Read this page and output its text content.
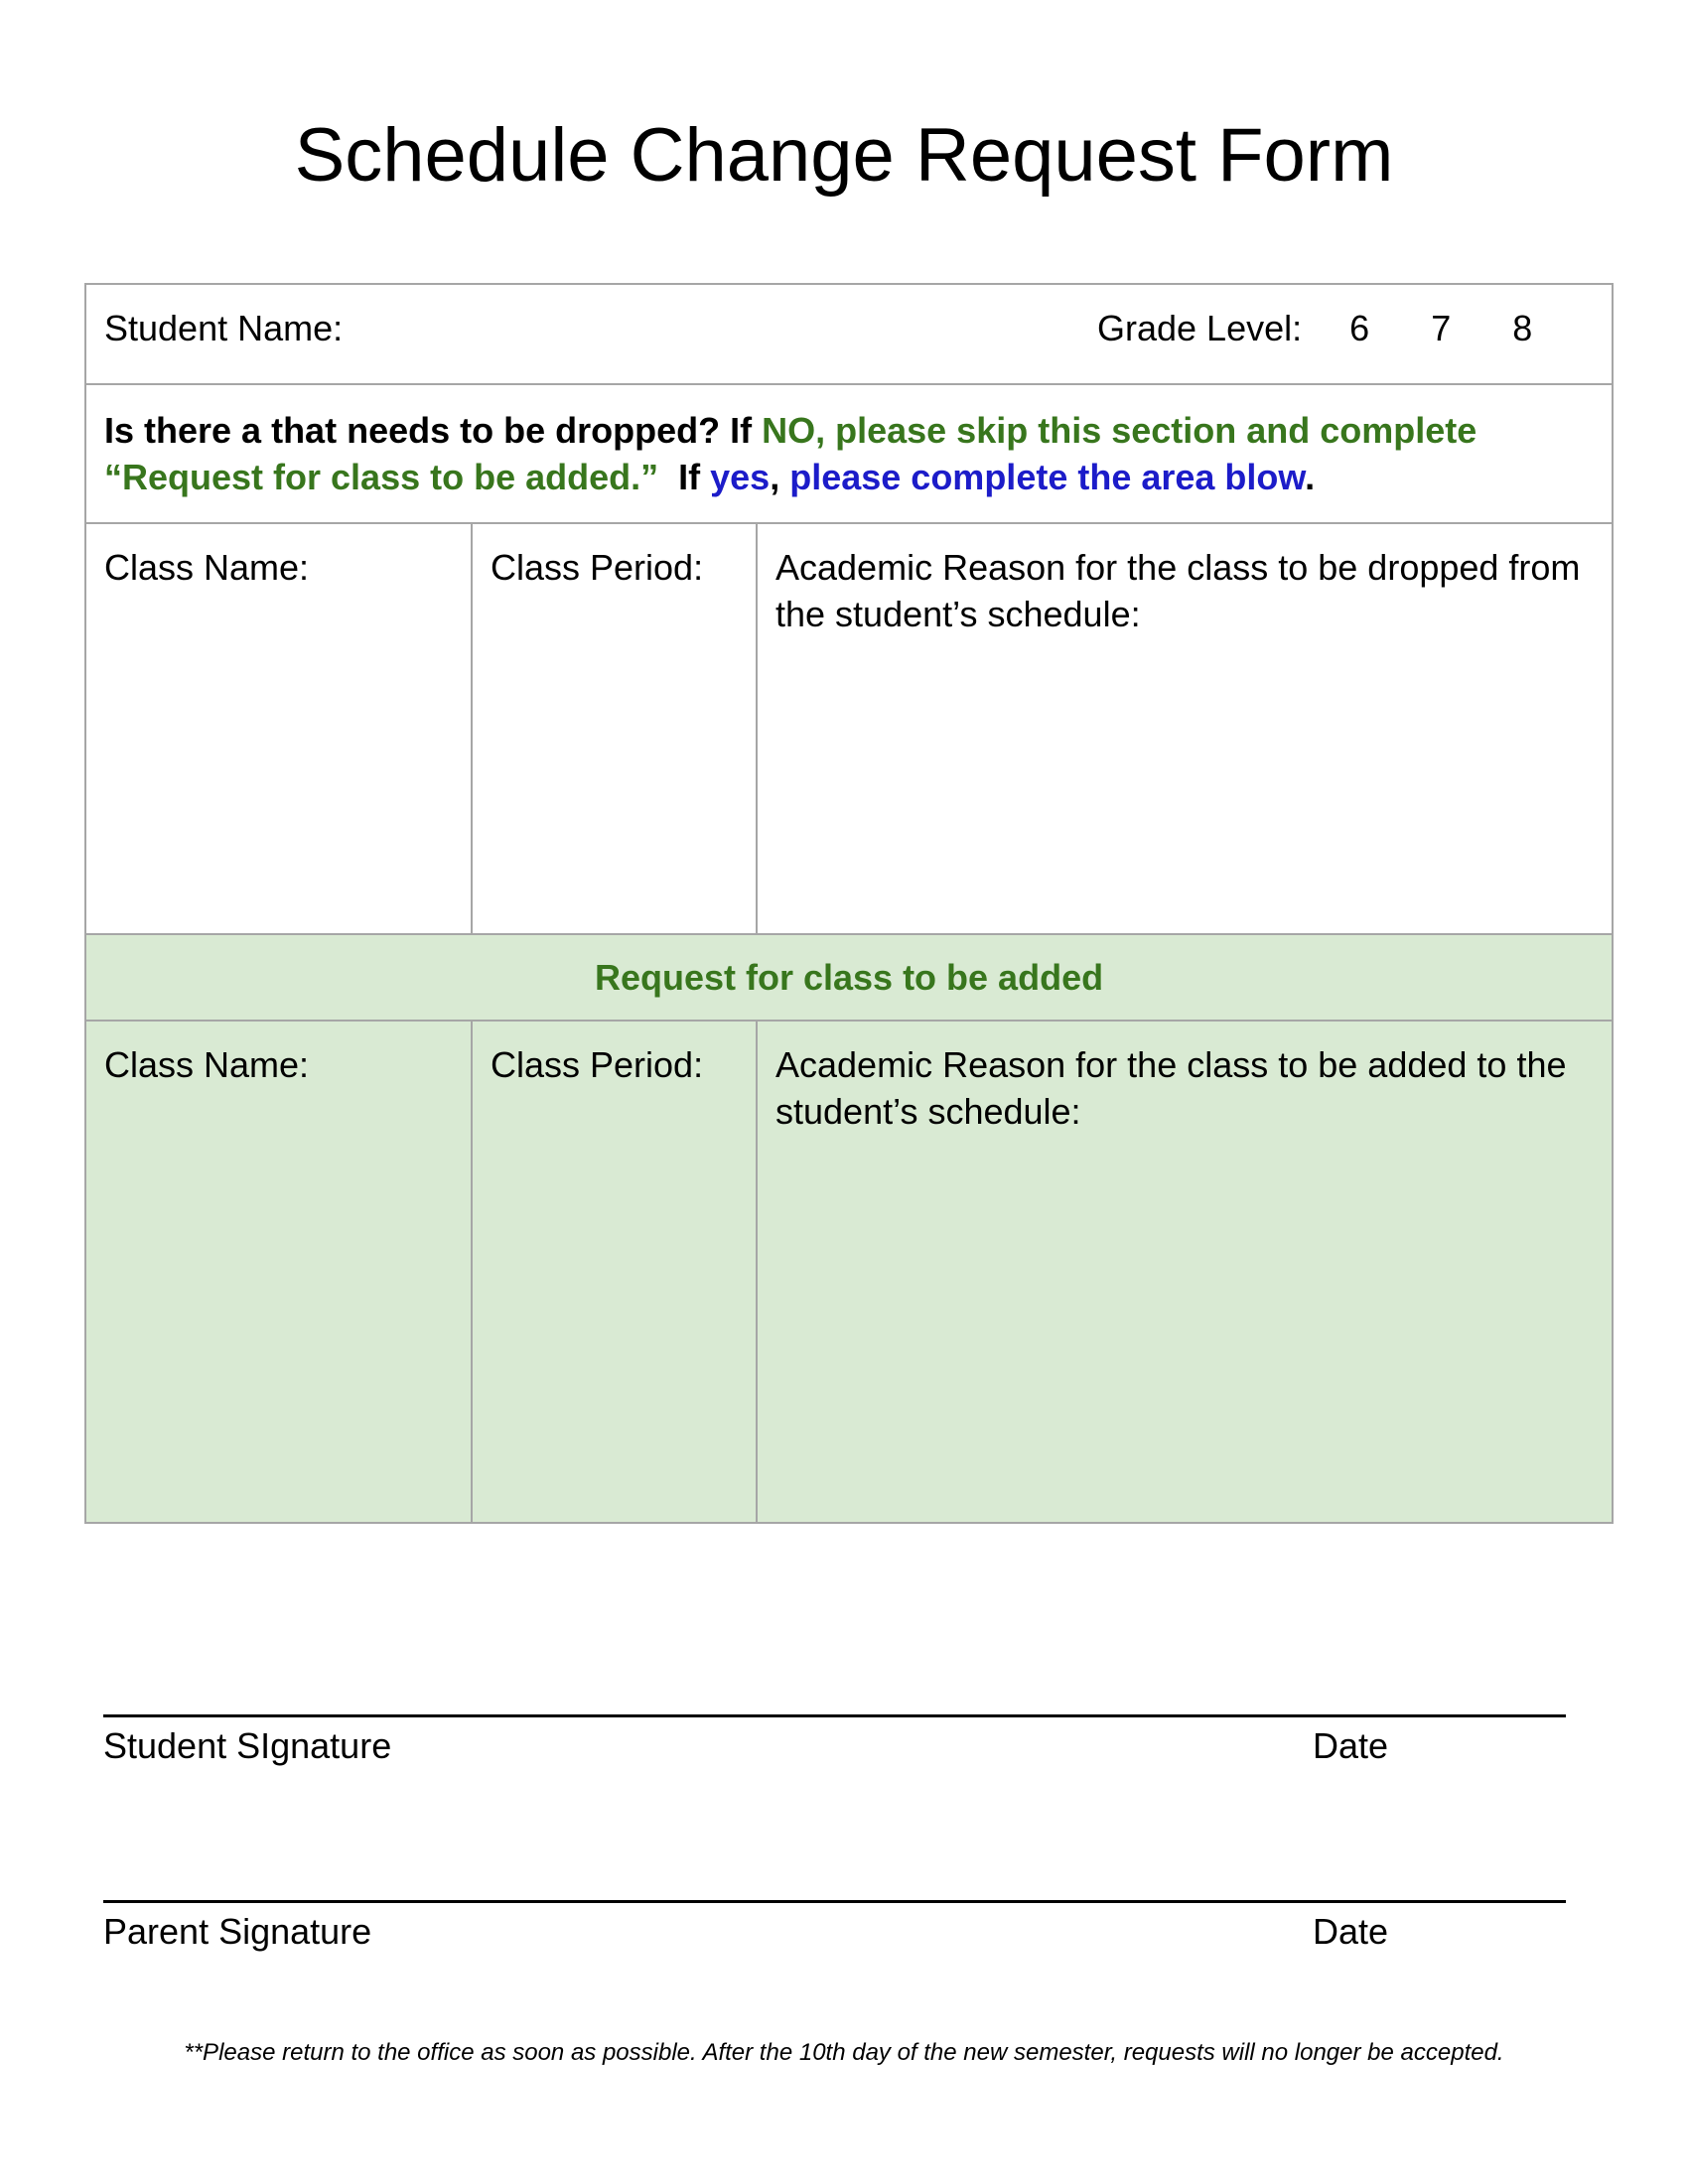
Schedule Change Request Form
Student Name: Grade Level: 6 7 8		

Is there a that needs to be dropped? If NO, please skip this section and complete “Request for class to be added.”  If yes, please complete the area blow.		
Class Name:	Class Period:	Academic Reason for the class to be dropped from the student’s schedule:
Request for class to be added		
Class Name:	Class Period:	Academic Reason for the class to be added to the student’s schedule:
Student SIgnature	Date
Parent Signature	Date
**Please return to the office as soon as possible. After the 10th day of the new semester, requests will no longer be accepted.
